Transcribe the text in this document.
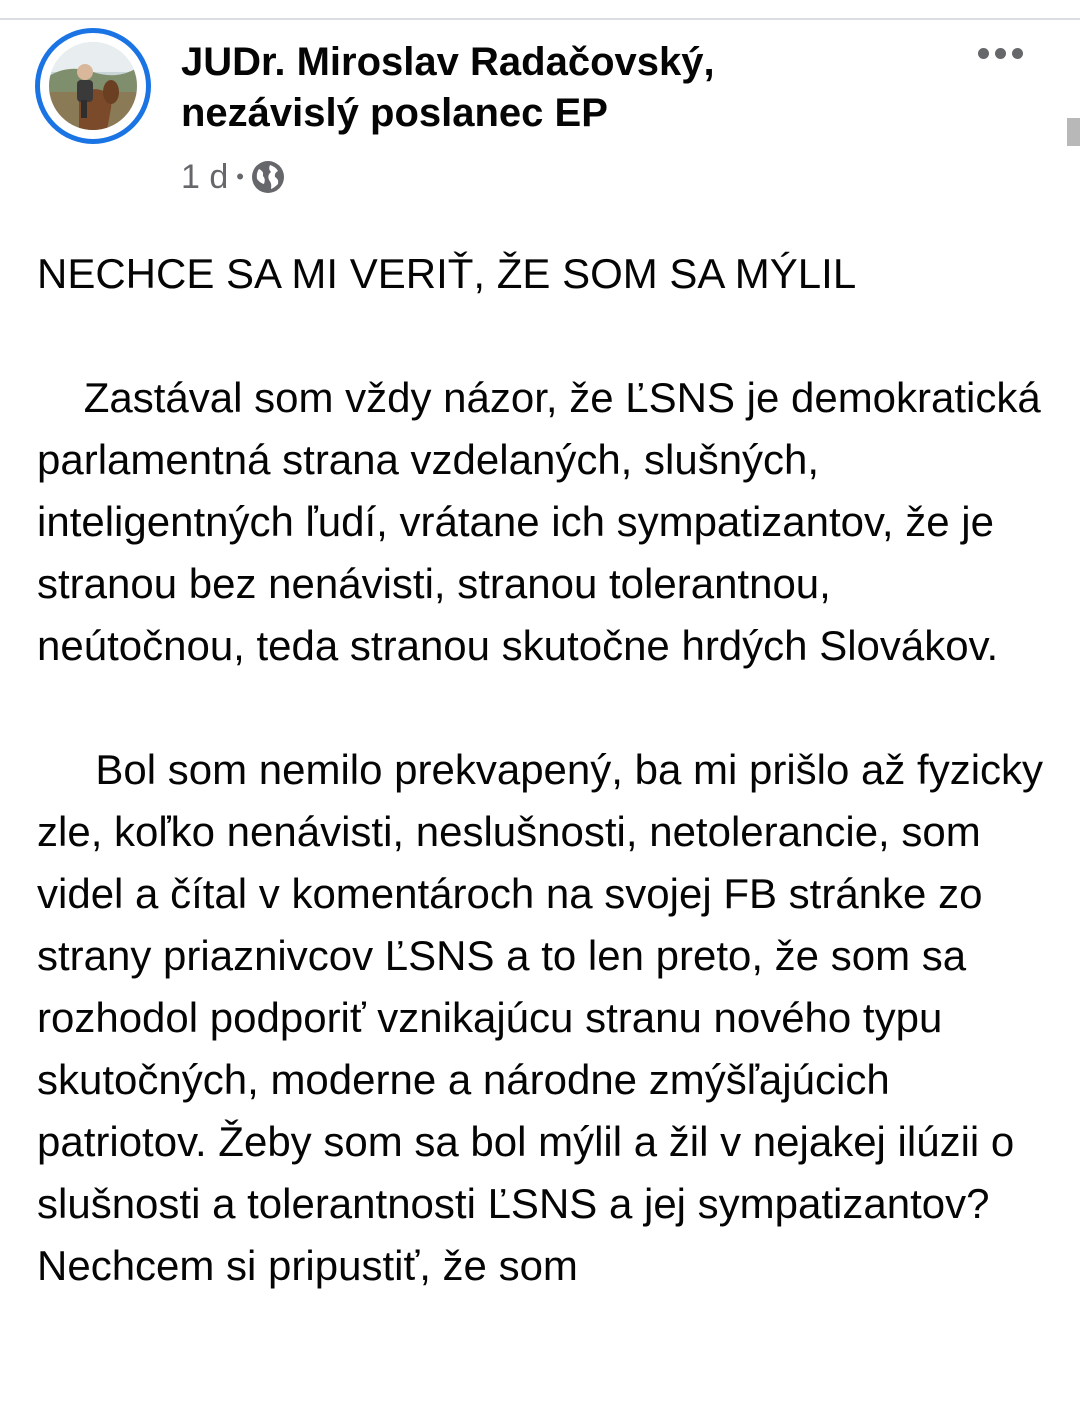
JUDr. Miroslav Radačovský,
nezávislý poslanec EP
1 d •

NECHCE SA MI VERIŤ, ŽE SOM SA MÝLIL

Zastával som vždy názor, že ĽSNS je demokratická parlamentná strana vzdelaných, slušných, inteligentných ľudí, vrátane ich sympatizantov, že je stranou bez nenávisti, stranou tolerantnou, neútočnou, teda stranou skutočne hrdých Slovákov.

Bol som nemilo prekvapený, ba mi prišlo až fyzicky zle, koľko nenávisti, neslušnosti, netolerancie, som videl a čítal v komentároch na svojej FB stránke zo strany priaznivcov ĽSNS a to len preto, že som sa rozhodol podporiť vznikajúcu stranu nového typu skutočných, moderne a národne zmýšľajúcich patriotov. Žeby som sa bol mýlil a žil v nejakej ilúzii o slušnosti a tolerantnosti ĽSNS a jej sympatizantov? Nechcem si pripustiť, že som
